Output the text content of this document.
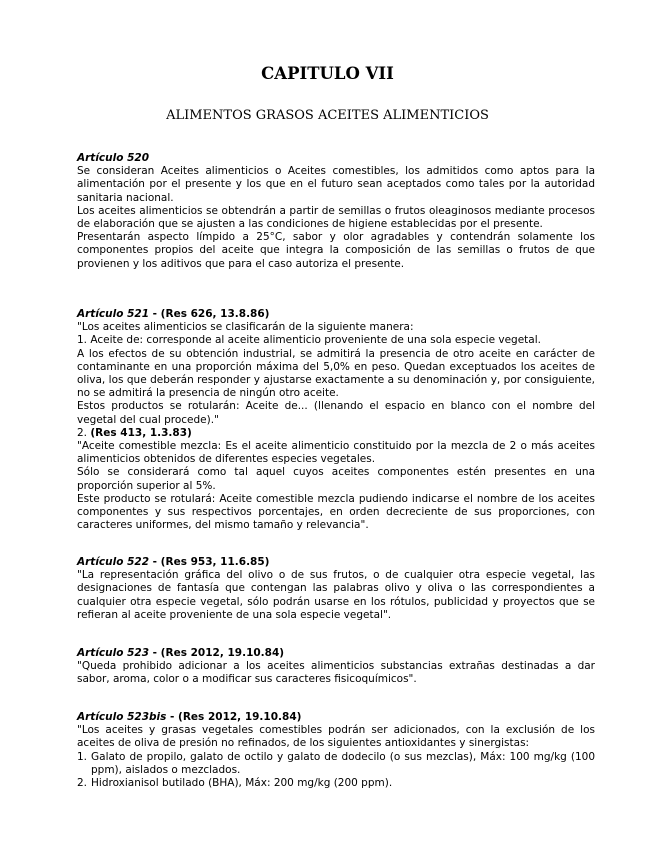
CAPITULO VII
ALIMENTOS GRASOS ACEITES ALIMENTICIOS

Artículo 520

Se consideran Aceites alimenticios o Aceites comestibles, los admitidos como aptos para la alimentación por el presente y los que en el futuro sean aceptados como tales por la autoridad sanitaria nacional.

Los aceites alimenticios se obtendrán a partir de semillas o frutos oleaginosos mediante procesos de elaboración que se ajusten a las condiciones de higiene establecidas por el presente.

Presentarán aspecto límpido a 25°C, sabor y olor agradables y contendrán solamente los componentes propios del aceite que integra la composición de las semillas o frutos de que provienen y los aditivos que para el caso autoriza el presente.

Artículo 521 - (Res 626, 13.8.86)

"Los aceites alimenticios se clasificarán de la siguiente manera:

1. Aceite de: corresponde al aceite alimenticio proveniente de una sola especie vegetal.

A los efectos de su obtención industrial, se admitirá la presencia de otro aceite en carácter de contaminante en una proporción máxima del 5,0% en peso. Quedan exceptuados los aceites de oliva, los que deberán responder y ajustarse exactamente a su denominación y, por consiguiente, no se admitirá la presencia de ningún otro aceite.

Estos productos se rotularán: Aceite de... (llenando el espacio en blanco con el nombre del vegetal del cual procede)."

2. (Res 413, 1.3.83)

"Aceite comestible mezcla: Es el aceite alimenticio constituido por la mezcla de 2 o más aceites alimenticios obtenidos de diferentes especies vegetales.

Sólo se considerará como tal aquel cuyos aceites componentes estén presentes en una proporción superior al 5%.

Este producto se rotulará: Aceite comestible mezcla pudiendo indicarse el nombre de los aceites componentes y sus respectivos porcentajes, en orden decreciente de sus proporciones, con caracteres uniformes, del mismo tamaño y relevancia".

Artículo 522 - (Res 953, 11.6.85)

"La representación gráfica del olivo o de sus frutos, o de cualquier otra especie vegetal, las designaciones de fantasía que contengan las palabras olivo y oliva o las correspondientes a cualquier otra especie vegetal, sólo podrán usarse en los rótulos, publicidad y proyectos que se refieran al aceite proveniente de una sola especie vegetal".

Artículo 523 - (Res 2012, 19.10.84)

"Queda prohibido adicionar a los aceites alimenticios substancias extrañas destinadas a dar sabor, aroma, color o a modificar sus caracteres fisicoquímicos".

Artículo 523bis - (Res 2012, 19.10.84)

"Los aceites y grasas vegetales comestibles podrán ser adicionados, con la exclusión de los aceites de oliva de presión no refinados, de los siguientes antioxidantes y sinergistas:

1. Galato de propilo, galato de octilo y galato de dodecilo (o sus mezclas), Máx: 100 mg/kg (100 ppm), aislados o mezclados.
2. Hidroxianisol butilado (BHA), Máx: 200 mg/kg (200 ppm).
